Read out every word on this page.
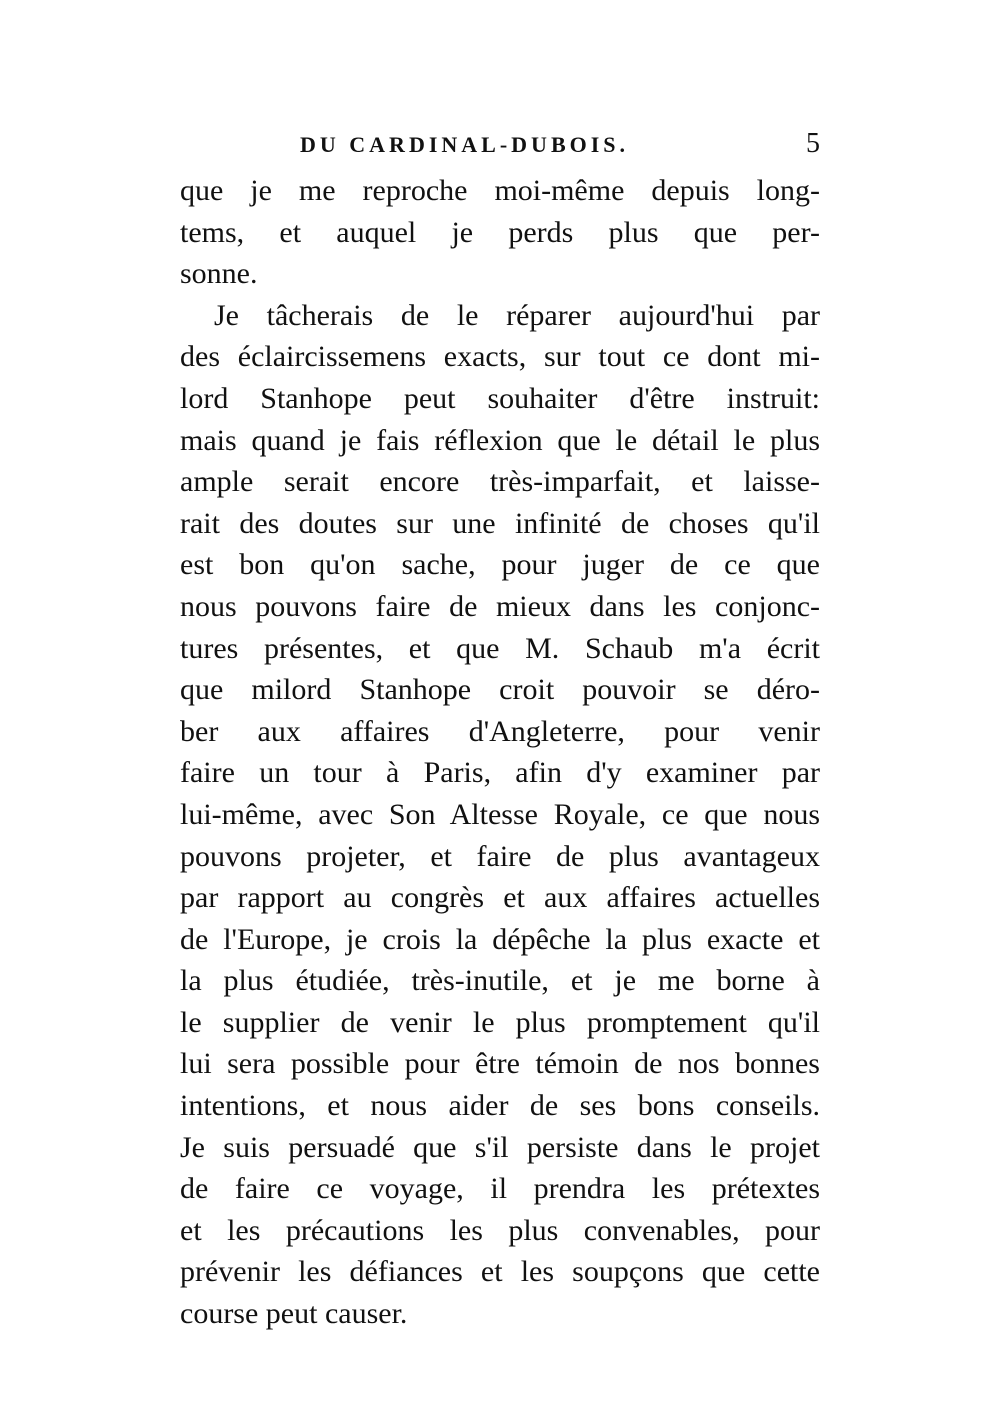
DU CARDINAL-DUBOIS.	5
que je me reproche moi-même depuis long-
tems, et auquel je perds plus que per-
sonne.
Je tâcherais de le réparer aujourd'hui par
des éclaircissemens exacts, sur tout ce dont mi-
lord Stanhope peut souhaiter d'être instruit:
mais quand je fais réflexion que le détail le plus
ample serait encore très-imparfait, et laisse-
rait des doutes sur une infinité de choses qu'il
est bon qu'on sache, pour juger de ce que
nous pouvons faire de mieux dans les conjonc-
tures présentes, et que M. Schaub m'a écrit
que milord Stanhope croit pouvoir se déro-
ber aux affaires d'Angleterre, pour venir
faire un tour à Paris, afin d'y examiner par
lui-même, avec Son Altesse Royale, ce que nous
pouvons projeter, et faire de plus avantageux
par rapport au congrès et aux affaires actuelles
de l'Europe, je crois la dépêche la plus exacte et
la plus étudiée, très-inutile, et je me borne à
le supplier de venir le plus promptement qu'il
lui sera possible pour être témoin de nos bonnes
intentions, et nous aider de ses bons conseils.
Je suis persuadé que s'il persiste dans le projet
de faire ce voyage, il prendra les prétextes
et les précautions les plus convenables, pour
prévenir les défiances et les soupçons que cette
course peut causer.
